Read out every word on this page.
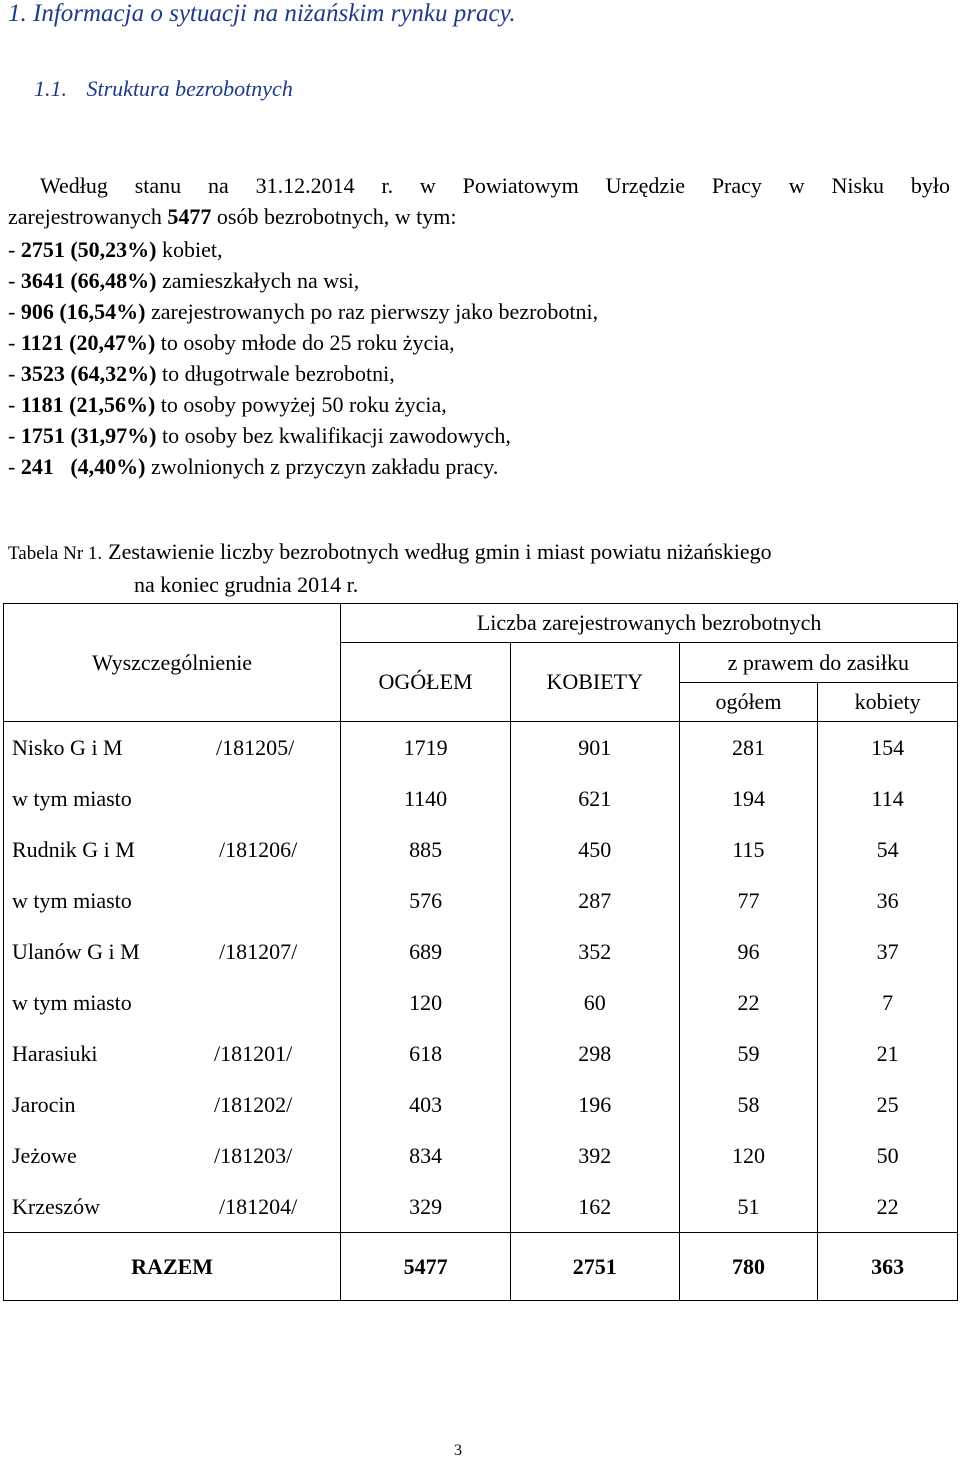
1. Informacja o sytuacji na niżańskim rynku pracy.
1.1. Struktura bezrobotnych
Według stanu na 31.12.2014 r. w Powiatowym Urzędzie Pracy w Nisku było
zarejestrowanych 5477 osób bezrobotnych, w tym:
- 2751 (50,23%) kobiet,
- 3641 (66,48%) zamieszkałych na wsi,
- 906 (16,54%) zarejestrowanych po raz pierwszy jako bezrobotni,
- 1121 (20,47%) to osoby młode do 25 roku życia,
- 3523 (64,32%) to długotrwale bezrobotni,
- 1181 (21,56%) to osoby powyżej 50 roku życia,
- 1751 (31,97%) to osoby bez kwalifikacji zawodowych,
- 241   (4,40%) zwolnionych z przyczyn zakładu pracy.
Tabela Nr 1. Zestawienie liczby bezrobotnych według gmin i miast powiatu niżańskiego
na koniec grudnia 2014 r.
Wyszczególnienie	Liczba zarejestrowanych bezrobotnych			
	OGÓŁEM	KOBIETY	z prawem do zasiłku	
			ogółem	kobiety
Nisko G i M /181205/	1719	901	281	154
w tym miasto	1140	621	194	114
Rudnik G i M /181206/	885	450	115	54
w tym miasto	576	287	77	36
Ulanów G i M /181207/	689	352	96	37
w tym miasto	120	60	22	7
Harasiuki /181201/	618	298	59	21
Jarocin /181202/	403	196	58	25
Jeżowe /181203/	834	392	120	50
Krzeszów /181204/	329	162	51	22
RAZEM	5477	2751	780	363
3
